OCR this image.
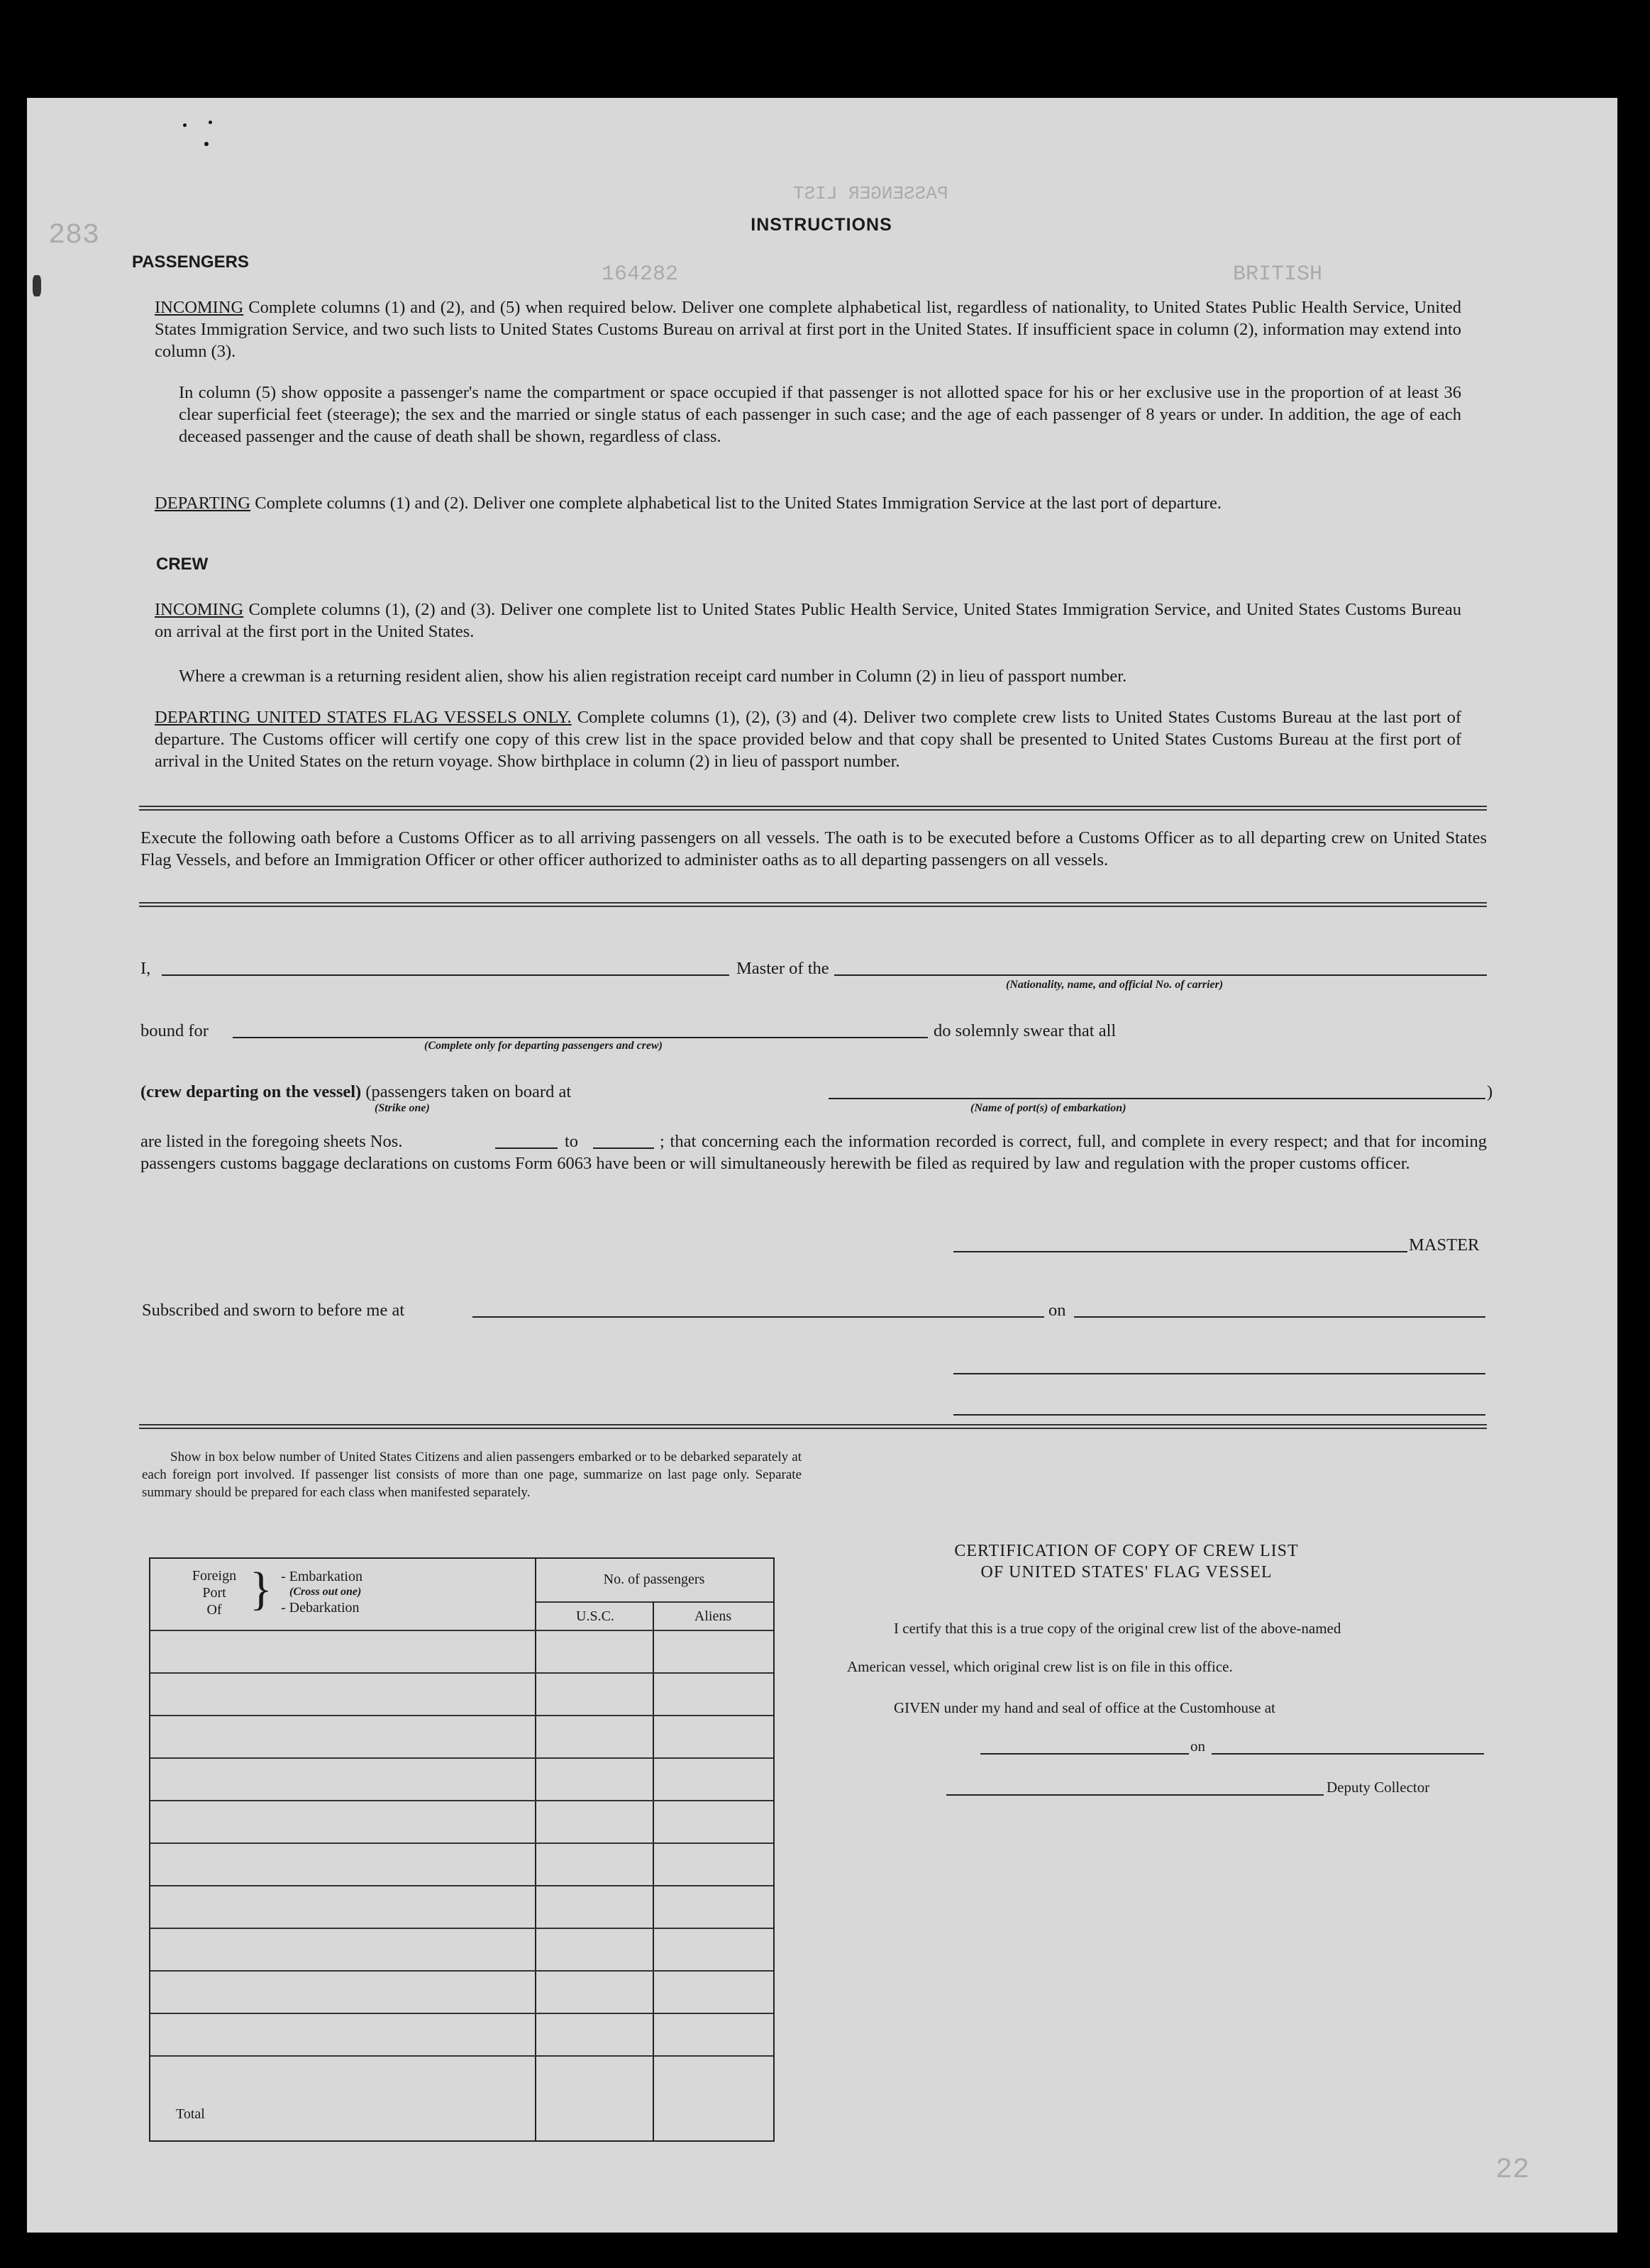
PASSENGER LIST
164282	BRITISH
283
22
INSTRUCTIONS
PASSENGERS
INCOMING Complete columns (1) and (2), and (5) when required below. Deliver one complete alphabetical list, regardless of nationality, to United States Public Health Service, United States Immigration Service, and two such lists to United States Customs Bureau on arrival at first port in the United States. If insufficient space in column (2), information may extend into column (3).
In column (5) show opposite a passenger's name the compartment or space occupied if that passenger is not allotted space for his or her exclusive use in the proportion of at least 36 clear superficial feet (steerage); the sex and the married or single status of each passenger in such case; and the age of each passenger of 8 years or under. In addition, the age of each deceased passenger and the cause of death shall be shown, regardless of class.
DEPARTING Complete columns (1) and (2). Deliver one complete alphabetical list to the United States Immigration Service at the last port of departure.
CREW
INCOMING Complete columns (1), (2) and (3). Deliver one complete list to United States Public Health Service, United States Immigration Service, and United States Customs Bureau on arrival at the first port in the United States.
Where a crewman is a returning resident alien, show his alien registration receipt card number in Column (2) in lieu of passport number.
DEPARTING UNITED STATES FLAG VESSELS ONLY. Complete columns (1), (2), (3) and (4). Deliver two complete crew lists to United States Customs Bureau at the last port of departure. The Customs officer will certify one copy of this crew list in the space provided below and that copy shall be presented to United States Customs Bureau at the first port of arrival in the United States on the return voyage. Show birthplace in column (2) in lieu of passport number.
Execute the following oath before a Customs Officer as to all arriving passengers on all vessels. The oath is to be executed before a Customs Officer as to all departing crew on United States Flag Vessels, and before an Immigration Officer or other officer authorized to administer oaths as to all departing passengers on all vessels.
I,	Master of the
(Nationality, name, and official No. of carrier)
bound for
(Complete only for departing passengers and crew)
do solemnly swear that all
(crew departing on the vessel) (passengers taken on board at	)
(Strike one)	(Name of port(s) of embarkation)
are listed in the foregoing sheets Nos.	to	; that concerning each the information recorded is correct, full, and complete in every respect; and that for incoming passengers customs baggage declarations on customs Form 6063 have been or will simultaneously herewith be filed as required by law and regulation with the proper customs officer.
MASTER
Subscribed and sworn to before me at	on
Show in box below number of United States Citizens and alien passengers embarked or to be debarked separately at each foreign port involved. If passenger list consists of more than one page, summarize on last page only. Separate summary should be prepared for each class when manifested separately.
Foreign
Port
Of } - Embarkation
(Cross out one)
- Debarkation
No. of passengers
U.S.C.	Aliens
Total
CERTIFICATION OF COPY OF CREW LIST
OF UNITED STATES' FLAG VESSEL
I certify that this is a true copy of the original crew list of the above-named
American vessel, which original crew list is on file in this office.
GIVEN under my hand and seal of office at the Customhouse at
on
Deputy Collector
